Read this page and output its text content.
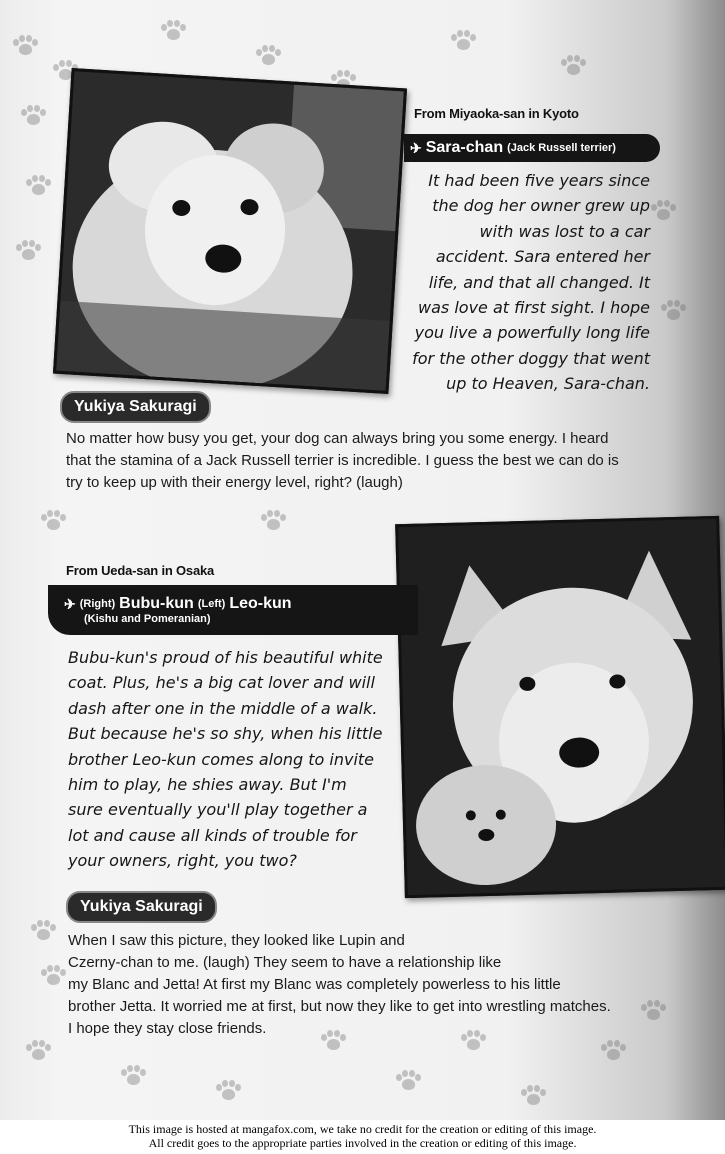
From Miyaoka-san in Kyoto
✈ Sara-chan (Jack Russell terrier)
It had been five years since
the dog her owner grew up
with was lost to a car
accident. Sara entered her
life, and that all changed. It
was love at first sight. I hope
you live a powerfully long life
for the other doggy that went
up to Heaven, Sara-chan.
Yukiya Sakuragi
No matter how busy you get, your dog can always bring you some energy. I heard
that the stamina of a Jack Russell terrier is incredible. I guess the best we can do is
try to keep up with their energy level, right? (laugh)
From Ueda-san in Osaka
✈ (Right) Bubu-kun (Left) Leo-kun
(Kishu and Pomeranian)
Bubu-kun's proud of his beautiful white
coat. Plus, he's a big cat lover and will
dash after one in the middle of a walk.
But because he's so shy, when his little
brother Leo-kun comes along to invite
him to play, he shies away. But I'm
sure eventually you'll play together a
lot and cause all kinds of trouble for
your owners, right, you two?
Yukiya Sakuragi
When I saw this picture, they looked like Lupin and
Czerny-chan to me. (laugh) They seem to have a relationship like
my Blanc and Jetta! At first my Blanc was completely powerless to his little
brother Jetta. It worried me at first, but now they like to get into wrestling matches.
I hope they stay close friends.
This image is hosted at mangafox.com, we take no credit for the creation or editing of this image.
All credit goes to the appropriate parties involved in the creation or editing of this image.
